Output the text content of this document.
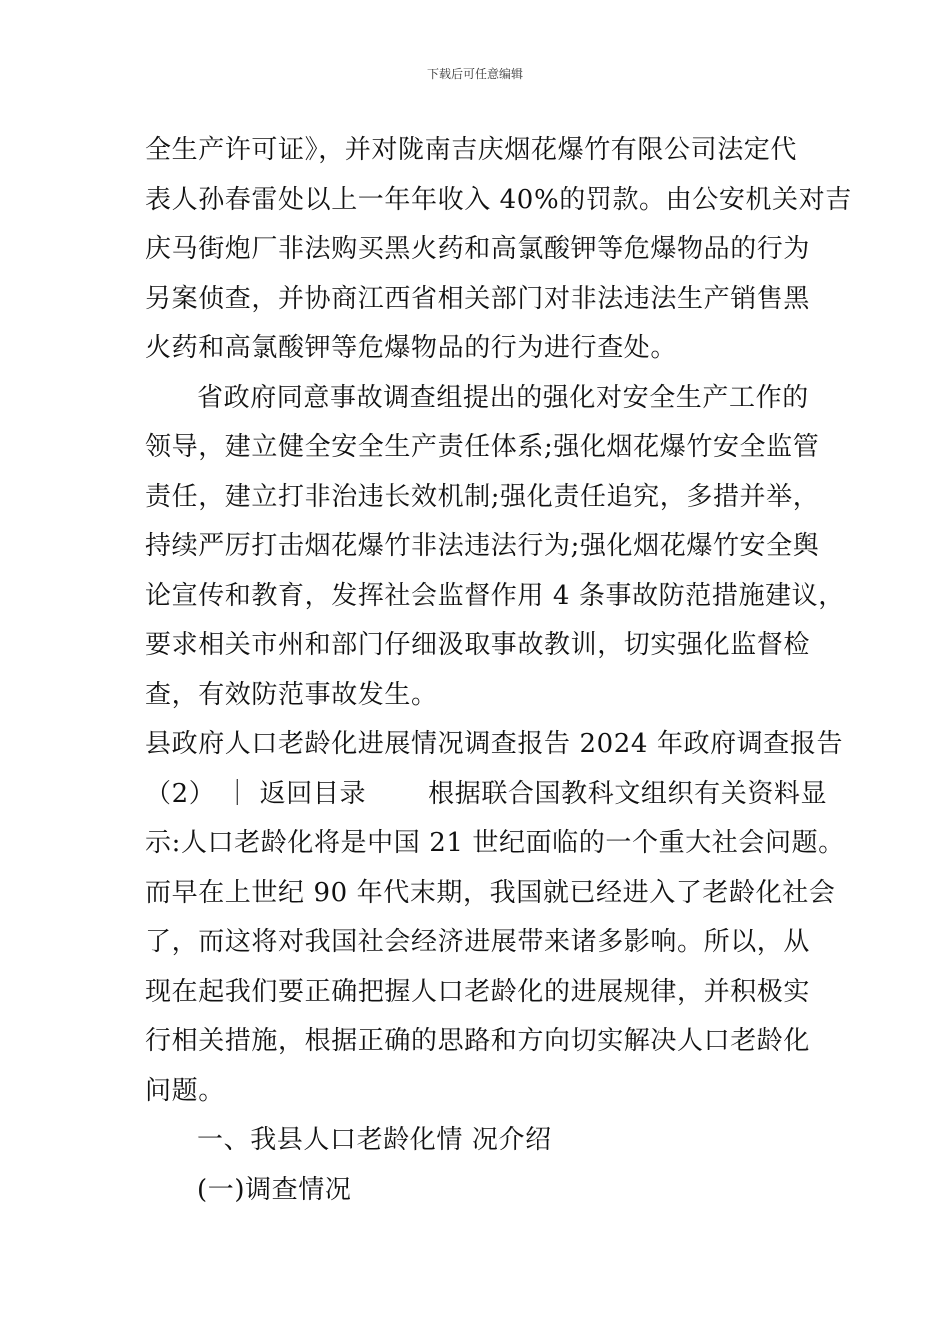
下载后可任意编辑
全生产许可证》，并对陇南吉庆烟花爆竹有限公司法定代
表人孙春雷处以上一年年收入 40%的罚款。由公安机关对吉
庆马街炮厂非法购买黑火药和高氯酸钾等危爆物品的行为
另案侦查，并协商江西省相关部门对非法违法生产销售黑
火药和高氯酸钾等危爆物品的行为进行查处。
省政府同意事故调查组提出的强化对安全生产工作的
领导，建立健全安全生产责任体系;强化烟花爆竹安全监管
责任，建立打非治违长效机制;强化责任追究，多措并举，
持续严厉打击烟花爆竹非法违法行为;强化烟花爆竹安全舆
论宣传和教育，发挥社会监督作用 4 条事故防范措施建议，
要求相关市州和部门仔细汲取事故教训，切实强化监督检
查，有效防范事故发生。
县政府人口老龄化进展情况调查报告 2024 年政府调查报告
（2） ｜ 返回目录　　 根据联合国教科文组织有关资料显
示:人口老龄化将是中国 21 世纪面临的一个重大社会问题。
而早在上世纪 90 年代末期，我国就已经进入了老龄化社会
了，而这将对我国社会经济进展带来诸多影响。所以，从
现在起我们要正确把握人口老龄化的进展规律，并积极实
行相关措施，根据正确的思路和方向切实解决人口老龄化
问题。
一、我县人口老龄化情 况介绍
(一)调查情况
